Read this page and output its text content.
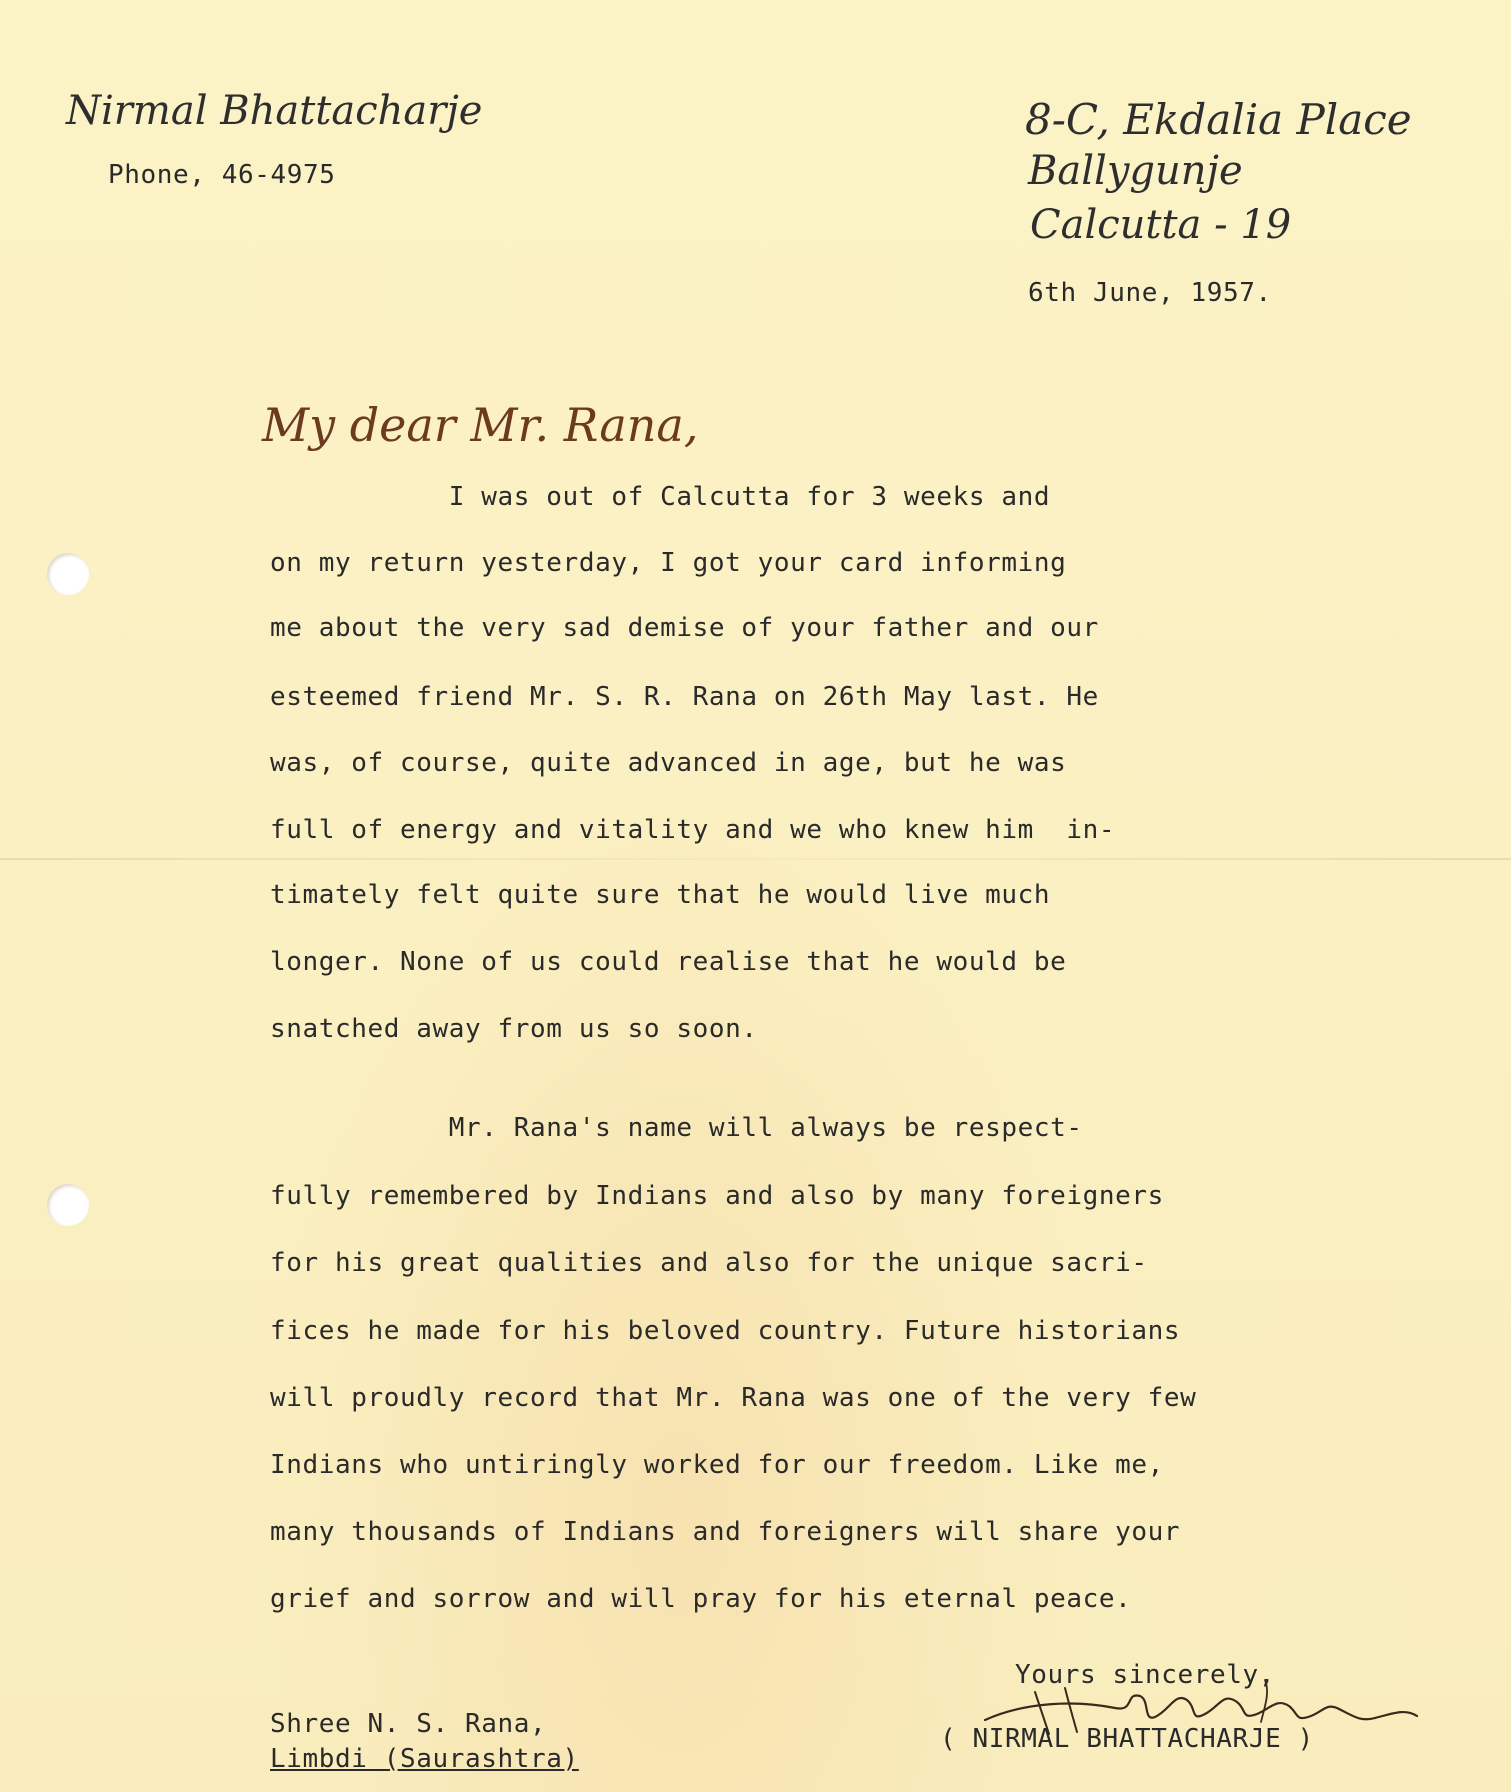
Nirmal Bhattacharje
Phone, 46-4975
8-C, Ekdalia Place
Ballygunje
Calcutta - 19
6th June, 1957.
My dear Mr. Rana,
I was out of Calcutta for 3 weeks and
on my return yesterday, I got your card informing
me about the very sad demise of your father and our
esteemed friend Mr. S. R. Rana on 26th May last. He
was, of course, quite advanced in age, but he was
full of energy and vitality and we who knew him  in-
timately felt quite sure that he would live much
longer. None of us could realise that he would be
snatched away from us so soon.
Mr. Rana's name will always be respect-
fully remembered by Indians and also by many foreigners
for his great qualities and also for the unique sacri-
fices he made for his beloved country. Future historians
will proudly record that Mr. Rana was one of the very few
Indians who untiringly worked for our freedom. Like me,
many thousands of Indians and foreigners will share your
grief and sorrow and will pray for his eternal peace.
Yours sincerely,
( NIRMAL BHATTACHARJE )
Shree N. S. Rana,
Limbdi (Saurashtra)
